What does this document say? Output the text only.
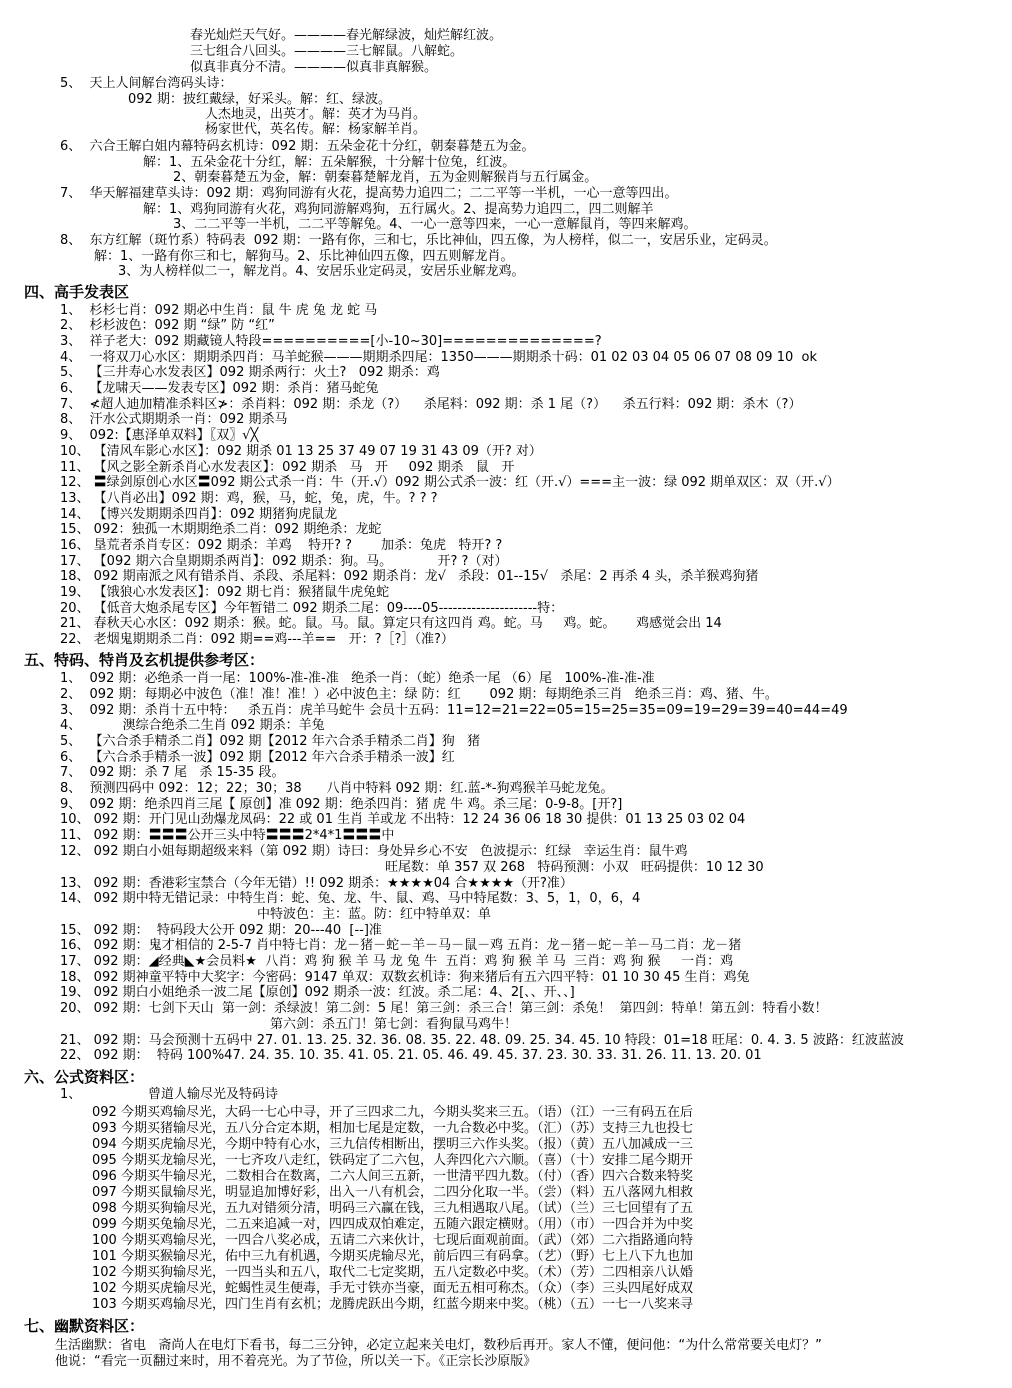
春光灿烂天气好。————春光解绿波，灿烂解红波。
三七组合八回头。————三七解鼠。八解蛇。
似真非真分不清。————似真非真解猴。
5、  天上人间解台湾码头诗：
092 期：披红戴绿，好采头。解：红、绿波。
人杰地灵，出英才。解：英才为马肖。
杨家世代，英名传。解：杨家解羊肖。
6、  六合王解白姐内幕特码玄机诗：092 期：五朵金花十分红，朝秦暮楚五为金。
解：1、五朵金花十分红，解：五朵解猴，十分解十位兔，红波。
2、朝秦暮楚五为金，解：朝秦暮楚解龙肖，五为金则解猴肖与五行属金。
7、  华天解福建草头诗：092 期：鸡狗同游有火花，提高势力追四二；二二平等一半机，一心一意等四出。
解：1、鸡狗同游有火花，鸡狗同游解鸡狗，五行属火。2、提高势力追四二，四二则解羊
3、二二平等一半机，二二平等解兔。4、一心一意等四来，一心一意解鼠肖，等四来解鸡。
8、  东方红解（斑竹系）特码表  092 期：一路有你，三和七，乐比神仙，四五像，为人榜样，似二一，安居乐业，定码灵。
解：1、一路有你三和七，解狗马。2、乐比神仙四五像，四五则解龙肖。
3、为人榜样似二一，解龙肖。4、安居乐业定码灵，安居乐业解龙鸡。
四、高手发表区
1、  杉杉七肖：092 期必中生肖：鼠 牛 虎 兔 龙 蛇 马
2、  杉杉波色：092 期 “绿” 防 “红”
3、  祥子老大：092 期藏镜人特段==========[小-10~30]==============?
4、  一将双刀心水区：期期杀四肖：马羊蛇猴———期期杀四尾：1350———期期杀十码：01 02 03 04 05 06 07 08 09 10  ok
5、  【三井寿心水发表区】092 期杀两行：火土?   092 期杀：鸡
6、  【龙啸天——发表专区】092 期：杀肖：猪马蛇兔
7、  ≮超人迪加精准杀料区≯：杀肖料：092 期：杀龙（?）    杀尾料：092 期：杀 1 尾（?）    杀五行料：092 期：杀木（?）
8、  汗水公式期期杀一肖：092 期杀马
9、  092:【惠泽单双料】〖双〗√╳
10、 【清风车影心水区】：092 期杀 01 13 25 37 49 07 19 31 43 09（开? 对）
11、 【风之影全新杀肖心水发表区】：092 期杀   马   开     092 期杀   鼠   开
12、 〓绿剑原创心水区〓092 期公式杀一肖：牛（开.√）092 期公式杀一波：红（开.√）===主一波：绿 092 期单双区：双（开.√）
13、 【八肖必出】092 期：鸡，猴，马，蛇，兔，虎，牛。? ? ?
14、 【博兴发期期杀四肖】：092 期猪狗虎鼠龙
15、 092：独孤一木期期绝杀二肖：092 期绝杀：龙蛇
16、 垦荒者杀肖专区：092 期杀：羊鸡    特开? ?       加杀：兔虎   特开? ?
17、 【092 期六合皇期期杀两肖】：092 期杀：狗。马。           开? ?（对）
18、 092 期南派之风有错杀肖、杀段、杀尾料：092 期杀肖：龙√   杀段：01--15√   杀尾：2 再杀 4 头，杀羊猴鸡狗猪
19、 【饿狼心水发表区】：092 期七肖：猴猪鼠牛虎兔蛇
20、 【低音大炮杀尾专区】今年暂错二 092 期杀二尾：09----05---------------------特：
21、 春秋天心水区：092 期杀：猴。蛇。鼠。马。鼠。算定只有这四肖 鸡。蛇。马     鸡。蛇。     鸡感觉会出 14
22、 老烟鬼期期杀二肖：092 期==鸡---羊==   开：?［?］（准?）
五、特码、特肖及玄机提供参考区：
1、  092 期：必绝杀一肖一尾：100%-准-准-准   绝杀一肖：（蛇）绝杀一尾 （6）尾   100%-准-准-准
2、  092 期：每期必中波色（准！准！准！）必中波色主：绿 防：红       092 期：每期绝杀三肖   绝杀三肖：鸡、猪、牛。
3、  092 期：杀肖十五中特：   杀五肖：虎羊马蛇牛 会员十五码：11=12=21=22=05=15=25=35=09=19=29=39=40=44=49
4、          澳综合绝杀二生肖 092 期杀：羊兔
5、  【六合杀手精杀二肖】092 期【2012 年六合杀手精杀二肖】狗   猪
6、  【六合杀手精杀一波】092 期【2012 年六合杀手精杀一波】红
7、  092 期：杀 7 尾   杀 15-35 段。
8、  预测四码中 092：12；22；30；38      八肖中特料 092 期：红.蓝-*-狗鸡猴羊马蛇龙兔。
9、  092 期：绝杀四肖三尾【 原创】准 092 期：绝杀四肖：猪 虎 牛 鸡。杀三尾：0-9-8。[开?]
10、 092 期：开门见山劲爆龙凤码：22 或 01 生肖 羊或龙 不出特：12 24 36 06 18 30 提供：01 13 25 03 02 04
11、 092 期：〓〓〓公开三头中特〓〓〓2*4*1〓〓〓中
12、 092 期白小姐每期超级来料（第 092 期）诗曰：身处异乡心不安   色波提示：红绿   幸运生肖：鼠牛鸡
旺尾数：单 357 双 268   特码预测：小双   旺码提供：10 12 30
13、 092 期：香港彩宝禁合（今年无错）!! 092 期杀：★★★★04 合★★★★（开?准）
14、 092 期中特无错记录：中特生肖：蛇、兔、龙、牛、鼠、鸡、马中特尾数：3、5，1，0，6，4
中特波色：主：蓝。防：红中特单双：单
15、 092 期：  特码段大公开 092 期：20---40  [--]准
16、 092 期：鬼才相信的 2-5-7 肖中特七肖：龙－猪－蛇－羊－马－鼠－鸡 五肖：龙－猪－蛇－羊－马二肖：龙－猪
17、 092 期：◢经典◣★会员料★  八肖：鸡 狗 猴 羊 马 龙 兔 牛  五肖：鸡 狗 猴 羊 马  三肖：鸡 狗 猴     一肖：鸡
18、 092 期神童平特中大奖字：今密码：9147 单双：双数玄机诗：狗来猪后有五六四平特：01 10 30 45 生肖：鸡兔
19、 092 期白小姐绝杀一波二尾【原创】092 期杀一波：红波。杀二尾：4、2[、、开、、]
20、 092 期：七剑下天山  第一剑：杀绿波！第二剑：5 尾！第三剑：杀三合！第三剑：杀兔！  第四剑：特单！第五剑：特看小数！
第六剑：杀五门！第七剑：看狗鼠马鸡牛！
21、 092 期：马会预测十五码中 27. 01. 13. 25. 32. 36. 08. 35. 22. 48. 09. 25. 34. 45. 10 特段：01=18 旺尾：0. 4. 3. 5 波路：红波蓝波
22、 092 期：  特码 100%47. 24. 35. 10. 35. 41. 05. 21. 05. 46. 49. 45. 37. 23. 30. 33. 31. 26. 11. 13. 20. 01
六、公式资料区：
1、	曾道人输尽光及特码诗
092 今期买鸡输尽光，大码一七心中寻，开了三四求二九，今期头奖来三五。（语）（江）一三有码五在后
093 今期买猪输尽光，五八分合定本期，相加七尾是定数，一九合数必中奖。（汇）（苏）支持三九也投七
094 今期买虎输尽光，今期中特有心水，三九信传相断出，摆明三六作头奖。（报）（黄）五八加减成一三
095 今期买龙输尽光，一七齐攻八走红，铁码定了二六包，人奔四化六六顺。（喜）（十）安排二尾今期开
096 今期买牛输尽光，二数相合在数离，二六人间三五新，一世清平四九数。（付）（香）四六合数来特奖
097 今期买鼠输尽光，明显追加博好彩，出入一八有机会，二四分化取一半。（尝）（料）五八落网九相救
098 今期买狗输尽光，五九对错须分清，明码三六赢在钱，三九相遇取八尾。（试）（兰）三七回望有了五
099 今期买兔输尽光，二五来追减一对，四四成双怕难定，五随六跟定横财。（用）（市）一四合并为中奖
100 今期买鸡输尽光，一四合八奖必成，五请二六来伙计，七现后面观前面。（武）（郊）二六指路通向特
101 今期买猴输尽光，佑中三九有机遇，今期买虎输尽光，前后四三有码拿。（艺）（野）七上八下九也加
102 今期买狗输尽光，一四当头和五八，取代二七定奖期，五八定数必中奖。（术）（芳）二四相亲八认婚
102 今期买虎输尽光，蛇蝎性灵生便毒，手无寸铁亦当豪，面无五相可称杰。（众）（李）三头四尾好成双
103 今期买鸡输尽光，四门生肖有玄机；龙腾虎跃出今期，红蓝今期来中奖。（桃）（五）一七一八奖来寻
七、幽默资料区：
生活幽默：省电   斋尚人在电灯下看书，每二三分钟，必定立起来关电灯，数秒后再开。家人不懂，便问他：“为什么常常要关电灯？”
他说：“看完一页翻过来时，用不着亮光。为了节俭，所以关一下。《正宗长沙原版》
